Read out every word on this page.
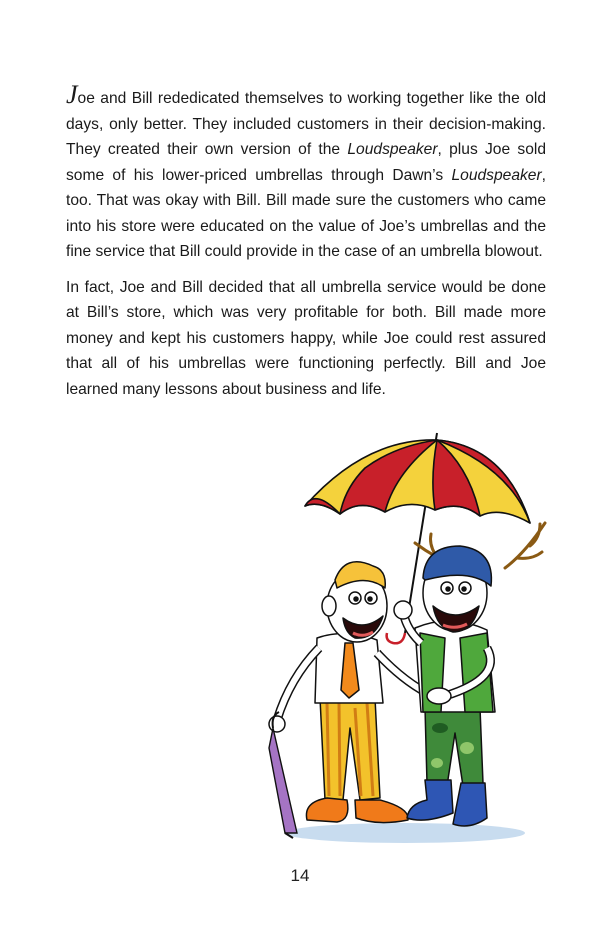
Joe and Bill rededicated themselves to working together like the old days, only better. They included customers in their decision-making. They created their own version of the Loudspeaker, plus Joe sold some of his lower-priced umbrellas through Dawn’s Loudspeaker, too. That was okay with Bill. Bill made sure the customers who came into his store were educated on the value of Joe’s umbrellas and the fine service that Bill could provide in the case of an umbrella blowout.

In fact, Joe and Bill decided that all umbrella service would be done at Bill’s store, which was very profitable for both. Bill made more money and kept his customers happy, while Joe could rest assured that all of his umbrellas were functioning perfectly. Bill and Joe learned many lessons about business and life.

14
